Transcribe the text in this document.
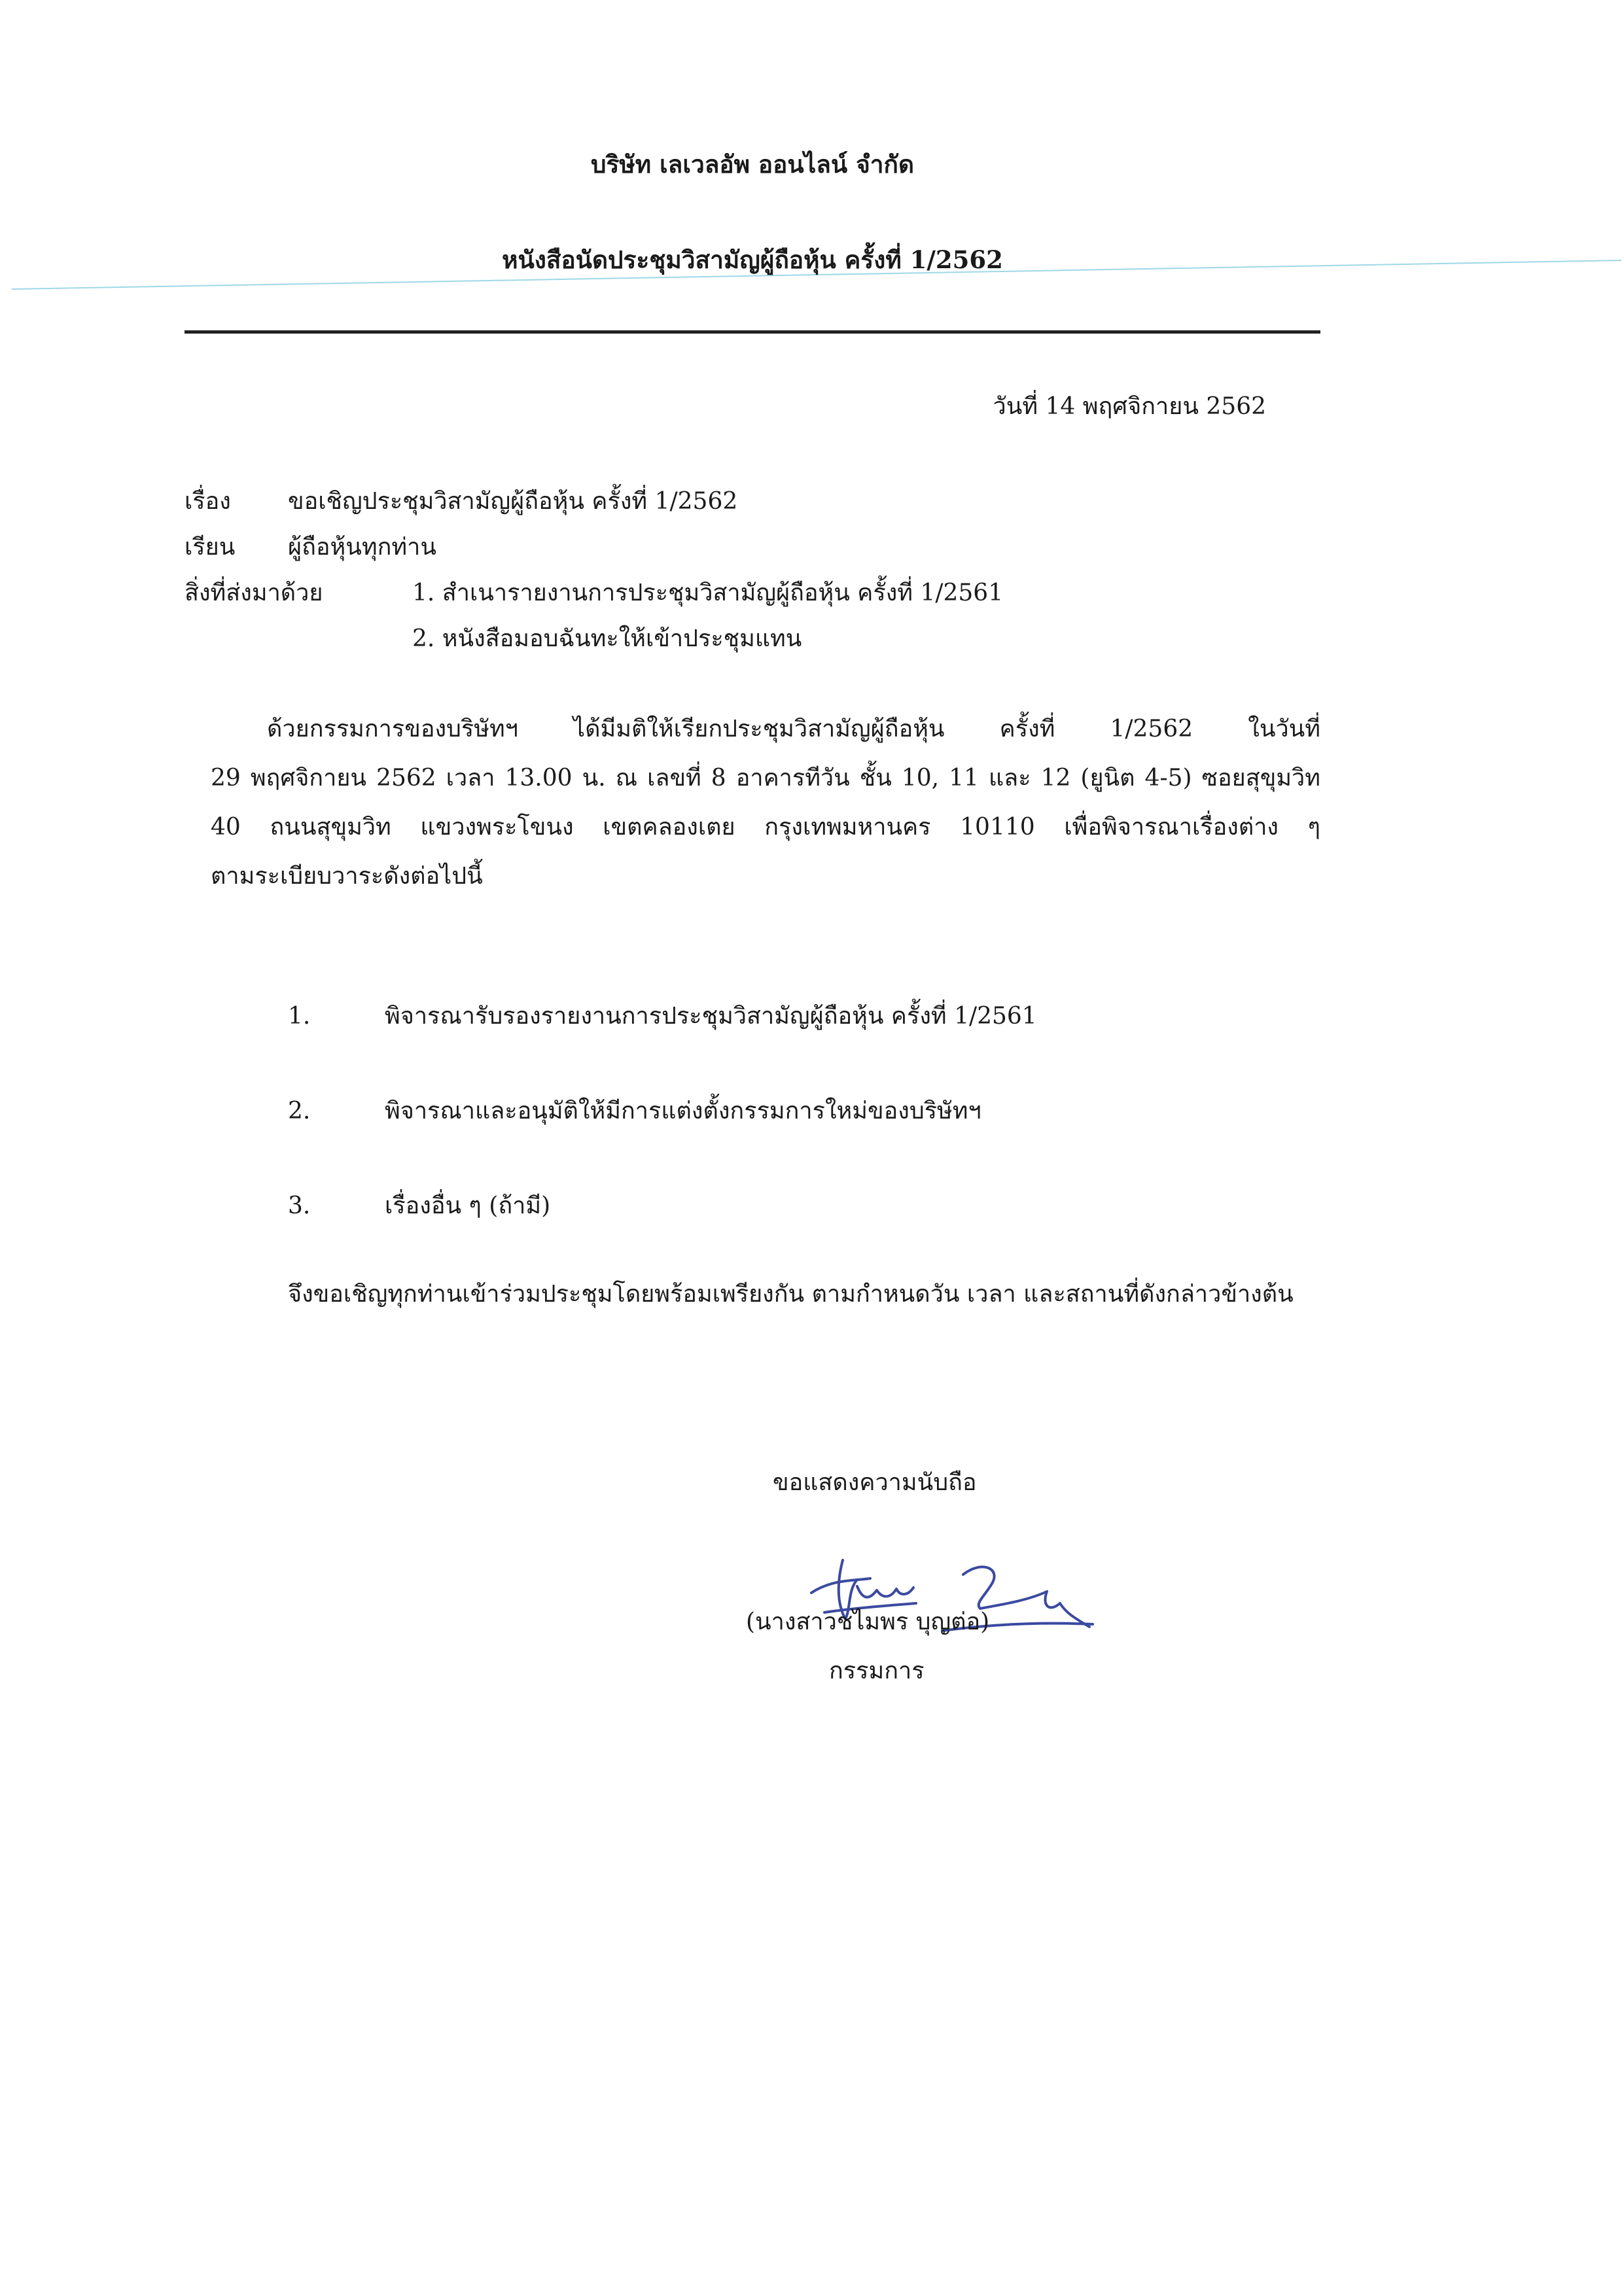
บริษัท เลเวลอัพ ออนไลน์ จำกัด
หนังสือนัดประชุมวิสามัญผู้ถือหุ้น ครั้งที่ 1/2562
วันที่ 14 พฤศจิกายน 2562
เรื่อง ขอเชิญประชุมวิสามัญผู้ถือหุ้น ครั้งที่ 1/2562
เรียน ผู้ถือหุ้นทุกท่าน
สิ่งที่ส่งมาด้วย	1. สำเนารายงานการประชุมวิสามัญผู้ถือหุ้น ครั้งที่ 1/2561
2. หนังสือมอบฉันทะให้เข้าประชุมแทน
ด้วยกรรมการของบริษัทฯ ได้มีมติให้เรียกประชุมวิสามัญผู้ถือหุ้น ครั้งที่ 1/2562 ในวันที่
29 พฤศจิกายน 2562 เวลา 13.00 น. ณ เลขที่ 8 อาคารทีวัน ชั้น 10, 11 และ 12 (ยูนิต 4-5) ซอยสุขุมวิท
40 ถนนสุขุมวิท แขวงพระโขนง เขตคลองเตย กรุงเทพมหานคร 10110 เพื่อพิจารณาเรื่องต่าง ๆ
ตามระเบียบวาระดังต่อไปนี้
1.	พิจารณารับรองรายงานการประชุมวิสามัญผู้ถือหุ้น ครั้งที่ 1/2561
2.	พิจารณาและอนุมัติให้มีการแต่งตั้งกรรมการใหม่ของบริษัทฯ
3.	เรื่องอื่น ๆ (ถ้ามี)
จึงขอเชิญทุกท่านเข้าร่วมประชุมโดยพร้อมเพรียงกัน ตามกำหนดวัน เวลา และสถานที่ดังกล่าวข้างต้น
ขอแสดงความนับถือ
(นางสาวชไมพร บุญต่อ)
กรรมการ
